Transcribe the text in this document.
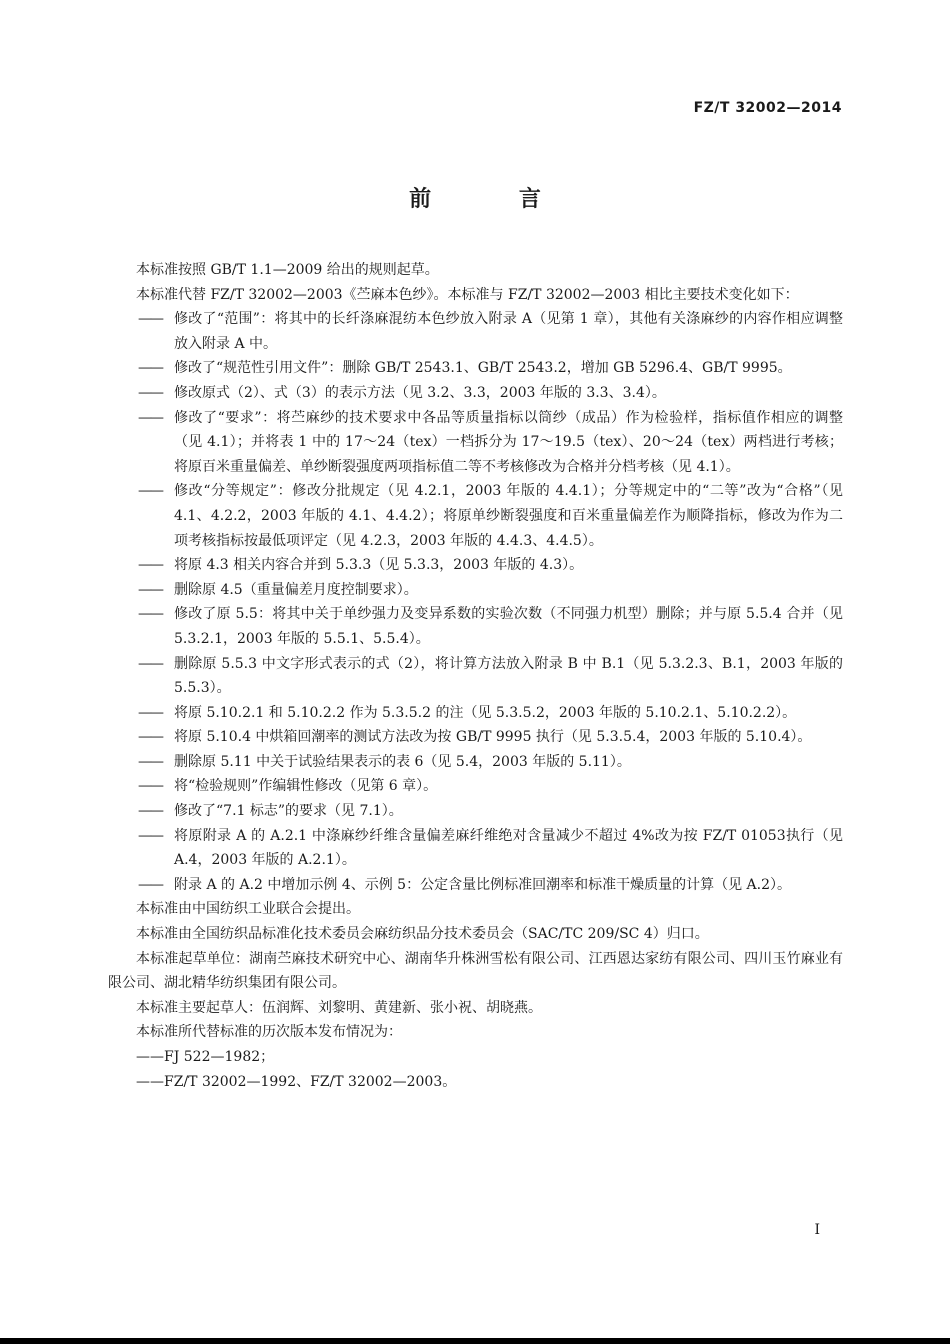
FZ/T 32002—2014
前 言

本标准按照 GB/T 1.1—2009 给出的规则起草。

本标准代替 FZ/T 32002—2003《苎麻本色纱》。本标准与 FZ/T 32002—2003 相比主要技术变化如下：

—— 修改了“范围”：将其中的长纤涤麻混纺本色纱放入附录 A（见第 1 章），其他有关涤麻纱的内容作相应调整放入附录 A 中。

—— 修改了“规范性引用文件”：删除 GB/T 2543.1、GB/T 2543.2，增加 GB 5296.4、GB/T 9995。

—— 修改原式（2）、式（3）的表示方法（见 3.2、3.3，2003 年版的 3.3、3.4）。

—— 修改了“要求”：将苎麻纱的技术要求中各品等质量指标以筒纱（成品）作为检验样，指标值作相应的调整（见 4.1）；并将表 1 中的 17～24（tex）一档拆分为 17～19.5（tex）、20～24（tex）两档进行考核；将原百米重量偏差、单纱断裂强度两项指标值二等不考核修改为合格并分档考核（见 4.1）。

—— 修改“分等规定”：修改分批规定（见 4.2.1，2003 年版的 4.4.1）；分等规定中的“二等”改为“合格”（见 4.1、4.2.2，2003 年版的 4.1、4.4.2）；将原单纱断裂强度和百米重量偏差作为顺降指标，修改为作为二项考核指标按最低项评定（见 4.2.3，2003 年版的 4.4.3、4.4.5）。

—— 将原 4.3 相关内容合并到 5.3.3（见 5.3.3，2003 年版的 4.3）。

—— 删除原 4.5（重量偏差月度控制要求）。

—— 修改了原 5.5：将其中关于单纱强力及变异系数的实验次数（不同强力机型）删除；并与原 5.5.4 合并（见 5.3.2.1，2003 年版的 5.5.1、5.5.4）。

—— 删除原 5.5.3 中文字形式表示的式（2），将计算方法放入附录 B 中 B.1（见 5.3.2.3、B.1，2003 年版的 5.5.3）。

—— 将原 5.10.2.1 和 5.10.2.2 作为 5.3.5.2 的注（见 5.3.5.2，2003 年版的 5.10.2.1、5.10.2.2）。

—— 将原 5.10.4 中烘箱回潮率的测试方法改为按 GB/T 9995 执行（见 5.3.5.4，2003 年版的 5.10.4）。

—— 删除原 5.11 中关于试验结果表示的表 6（见 5.4，2003 年版的 5.11）。

—— 将“检验规则”作编辑性修改（见第 6 章）。

—— 修改了“7.1 标志”的要求（见 7.1）。

—— 将原附录 A 的 A.2.1 中涤麻纱纤维含量偏差麻纤维绝对含量减少不超过 4%改为按 FZ/T 01053执行（见 A.4，2003 年版的 A.2.1）。

—— 附录 A 的 A.2 中增加示例 4、示例 5：公定含量比例标准回潮率和标准干燥质量的计算（见 A.2）。

本标准由中国纺织工业联合会提出。

本标准由全国纺织品标准化技术委员会麻纺织品分技术委员会（SAC/TC 209/SC 4）归口。

本标准起草单位：湖南苎麻技术研究中心、湖南华升株洲雪松有限公司、江西恩达家纺有限公司、四川玉竹麻业有限公司、湖北精华纺织集团有限公司。

本标准主要起草人：伍润辉、刘黎明、黄建新、张小祝、胡晓燕。

本标准所代替标准的历次版本发布情况为：

——FJ 522—1982；

——FZ/T 32002—1992、FZ/T 32002—2003。

I
